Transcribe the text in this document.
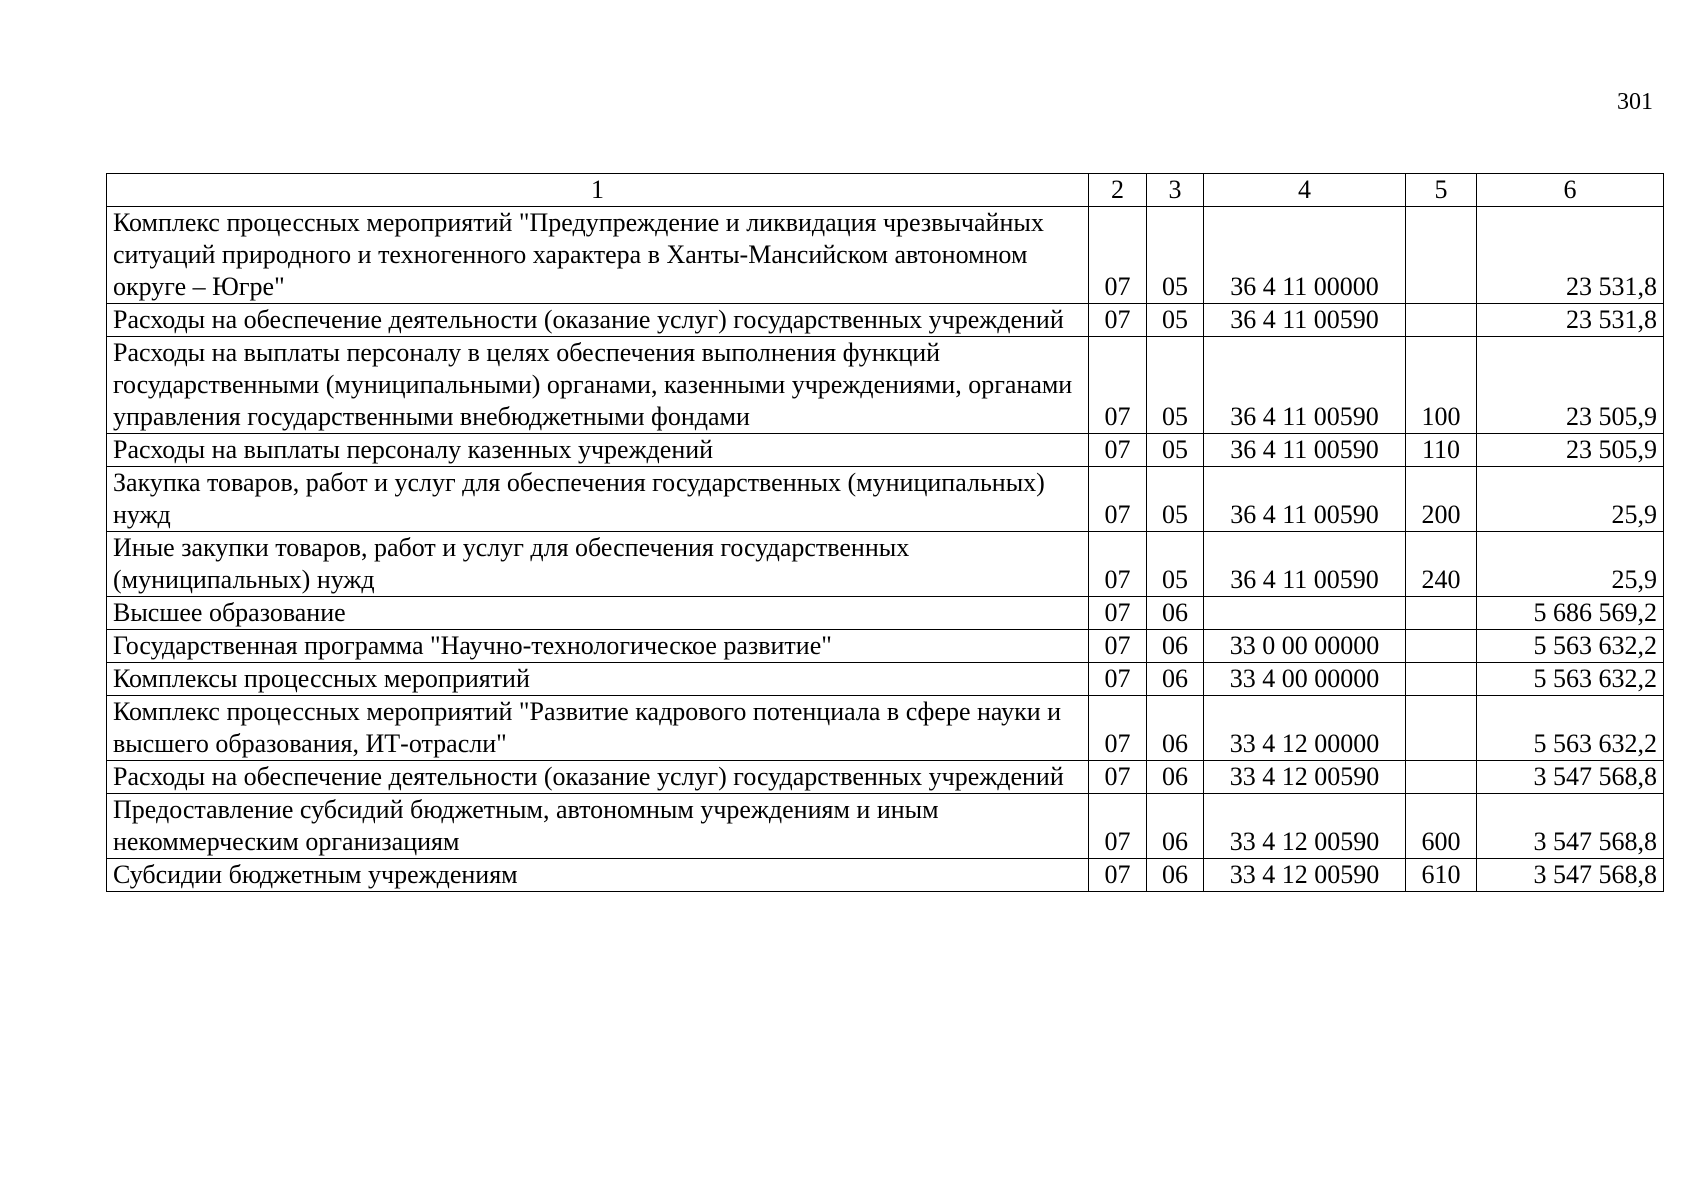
301
1	2	3	4	5	6
Комплекс процессных мероприятий "Предупреждение и ликвидация чрезвычайных ситуаций природного и техногенного характера в Ханты-Мансийском автономном округе – Югре"	07	05	36 4 11 00000		23 531,8
Расходы на обеспечение деятельности (оказание услуг) государственных учреждений	07	05	36 4 11 00590		23 531,8
Расходы на выплаты персоналу в целях обеспечения выполнения функций государственными (муниципальными) органами, казенными учреждениями, органами управления государственными внебюджетными фондами	07	05	36 4 11 00590	100	23 505,9
Расходы на выплаты персоналу казенных учреждений	07	05	36 4 11 00590	110	23 505,9
Закупка товаров, работ и услуг для обеспечения государственных (муниципальных) нужд	07	05	36 4 11 00590	200	25,9
Иные закупки товаров, работ и услуг для обеспечения государственных (муниципальных) нужд	07	05	36 4 11 00590	240	25,9
Высшее образование	07	06			5 686 569,2
Государственная программа "Научно-технологическое развитие"	07	06	33 0 00 00000		5 563 632,2
Комплексы процессных мероприятий	07	06	33 4 00 00000		5 563 632,2
Комплекс процессных мероприятий "Развитие кадрового потенциала в сфере науки и высшего образования, ИТ-отрасли"	07	06	33 4 12 00000		5 563 632,2
Расходы на обеспечение деятельности (оказание услуг) государственных учреждений	07	06	33 4 12 00590		3 547 568,8
Предоставление субсидий бюджетным, автономным учреждениям и иным некоммерческим организациям	07	06	33 4 12 00590	600	3 547 568,8
Субсидии бюджетным учреждениям	07	06	33 4 12 00590	610	3 547 568,8
